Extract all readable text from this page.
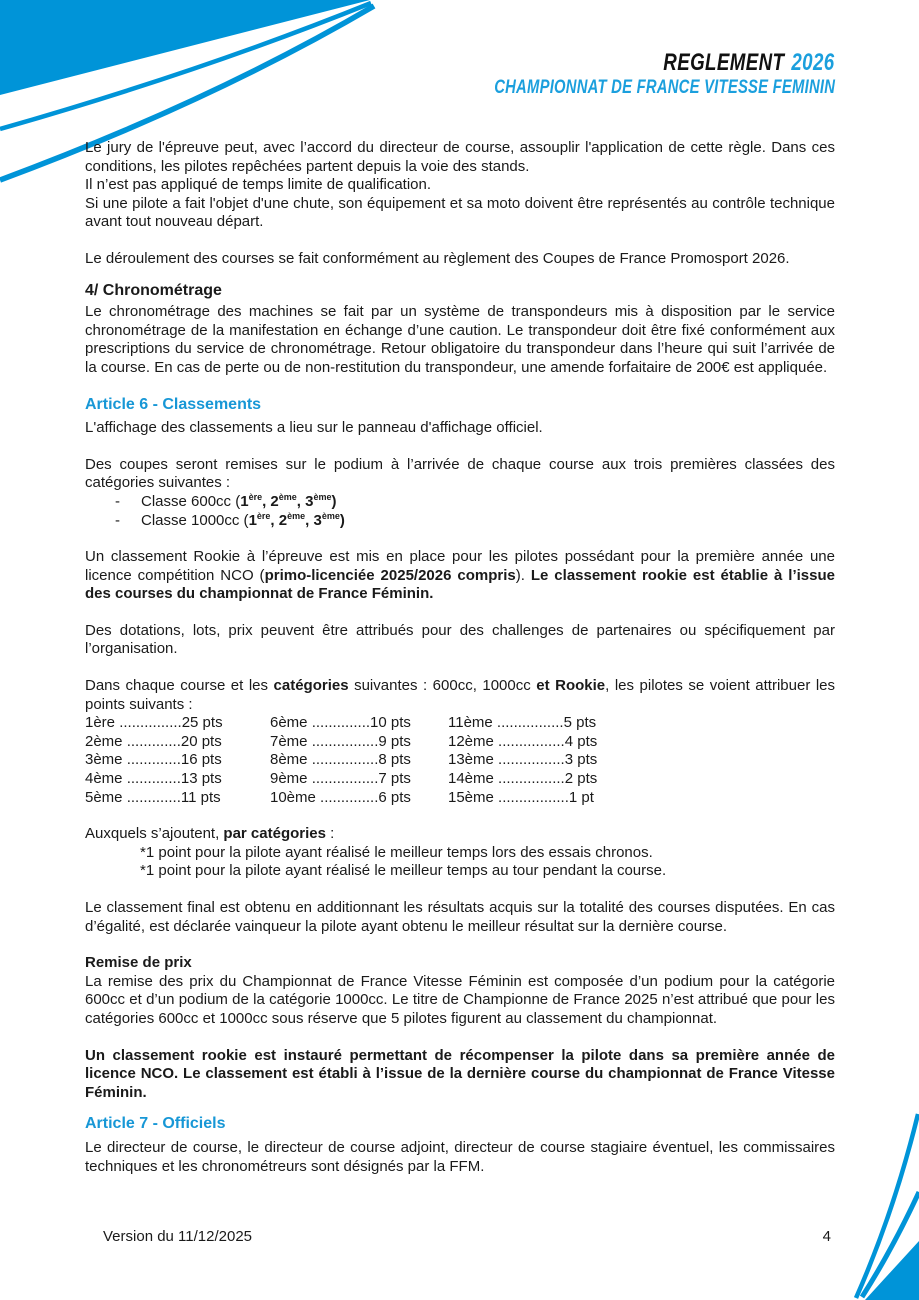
REGLEMENT 2026
CHAMPIONNAT DE FRANCE VITESSE FEMININ

Le jury de l'épreuve peut, avec l’accord du directeur de course, assouplir l'application de cette règle. Dans ces conditions, les pilotes repêchées partent depuis la voie des stands.

Il n’est pas appliqué de temps limite de qualification.

Si une pilote a fait l'objet d'une chute, son équipement et sa moto doivent être représentés au contrôle technique avant tout nouveau départ.

Le déroulement des courses se fait conformément au règlement des Coupes de France Promosport 2026.

4/ Chronométrage

Le chronométrage des machines se fait par un système de transpondeurs mis à disposition par le service chronométrage de la manifestation en échange d’une caution. Le transpondeur doit être fixé conformément aux prescriptions du service de chronométrage. Retour obligatoire du transpondeur dans l’heure qui suit l’arrivée de la course. En cas de perte ou de non-restitution du transpondeur, une amende forfaitaire de 200€ est appliquée.

Article 6 - Classements

L'affichage des classements a lieu sur le panneau d'affichage officiel.

Des coupes seront remises sur le podium à l’arrivée de chaque course aux trois premières classées des catégories suivantes :

-	Classe 600cc (1ère, 2ème, 3ème)
-	Classe 1000cc (1ère, 2ème, 3ème)

Un classement Rookie à l’épreuve est mis en place pour les pilotes possédant pour la première année une licence compétition NCO (primo-licenciée 2025/2026 compris). Le classement rookie est établie à l’issue des courses du championnat de France Féminin.

Des dotations, lots, prix peuvent être attribués pour des challenges de partenaires ou spécifiquement par l’organisation.

Dans chaque course et les catégories suivantes : 600cc, 1000cc et Rookie, les pilotes se voient attribuer les points suivants :

1ère ...............25 pts
2ème .............20 pts
3ème .............16 pts
4ème .............13 pts
5ème .............11 pts
6ème ..............10 pts
7ème ................9 pts
8ème ................8 pts
9ème ................7 pts
10ème ..............6 pts
11ème ................5 pts
12ème ................4 pts
13ème ................3 pts
14ème ................2 pts
15ème .................1 pt

Auxquels s’ajoutent, par catégories :

*1 point pour la pilote ayant réalisé le meilleur temps lors des essais chronos.

*1 point pour la pilote ayant réalisé le meilleur temps au tour pendant la course.

Le classement final est obtenu en additionnant les résultats acquis sur la totalité des courses disputées. En cas d’égalité, est déclarée vainqueur la pilote ayant obtenu le meilleur résultat sur la dernière course.

Remise de prix

La remise des prix du Championnat de France Vitesse Féminin est composée d’un podium pour la catégorie 600cc et d’un podium de la catégorie 1000cc. Le titre de Championne de France 2025 n’est attribué que pour les catégories 600cc et 1000cc sous réserve que 5 pilotes figurent au classement du championnat.

Un classement rookie est instauré permettant de récompenser la pilote dans sa première année de licence NCO. Le classement est établi à l’issue de la dernière course du championnat de France Vitesse Féminin.

Article 7 - Officiels

Le directeur de course, le directeur de course adjoint, directeur de course stagiaire éventuel, les commissaires techniques et les chronométreurs sont désignés par la FFM.

Version du 11/12/2025	4
